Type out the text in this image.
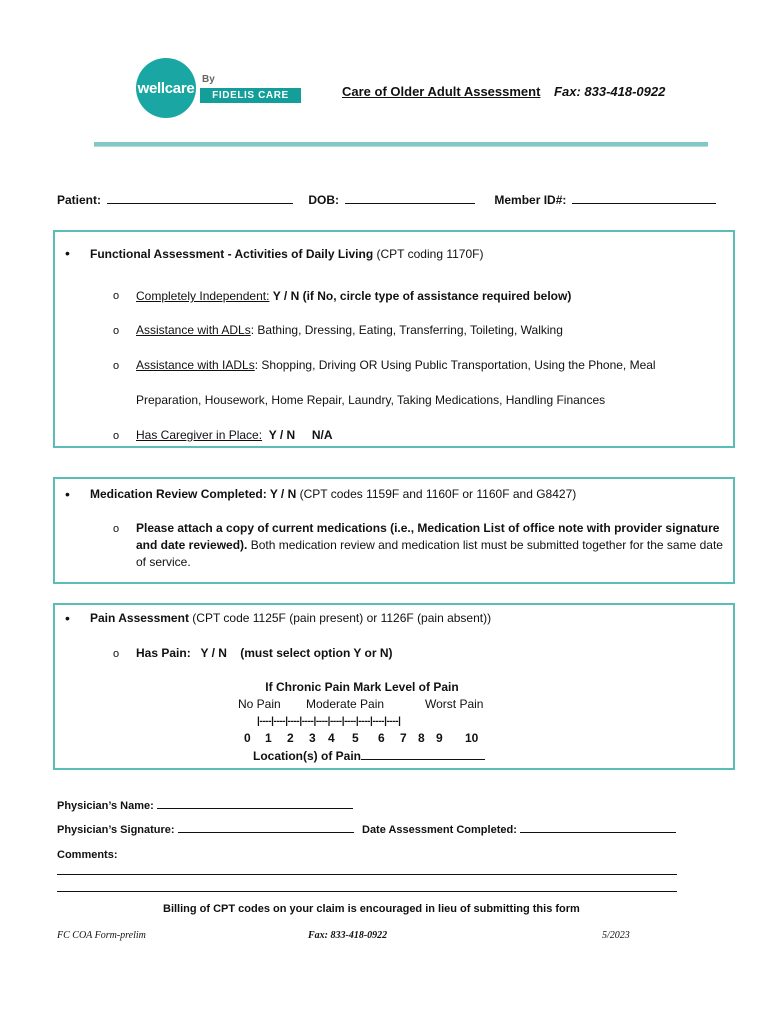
wellcare By
FIDELIS CARE	Care of Older Adult Assessment Fax: 833-418-0922
Patient:	DOB:	Member ID#:
• Functional Assessment - Activities of Daily Living (CPT coding 1170F)
o Completely Independent: Y / N (if No, circle type of assistance required below)
o Assistance with ADLs: Bathing, Dressing, Eating, Transferring, Toileting, Walking
o Assistance with IADLs: Shopping, Driving OR Using Public Transportation, Using the Phone, Meal
Preparation, Housework, Home Repair, Laundry, Taking Medications, Handling Finances
o Has Caregiver in Place: Y / N     N/A
• Medication Review Completed: Y / N (CPT codes 1159F and 1160F or 1160F and G8427)
o Please attach a copy of current medications (i.e., Medication List of office note with provider signature and date reviewed). Both medication review and medication list must be submitted together for the same date of service.
• Pain Assessment (CPT code 1125F (pain present) or 1126F (pain absent))
o Has Pain:   Y / N    (must select option Y or N)
If Chronic Pain Mark Level of Pain
No Pain Moderate Pain	Worst Pain
|----|----|----|----|----|----|----|----|----|----|
0 1 2 3 4 5 6 7 8 9 10
Location(s) of Pain
Physician’s Name:
Physician’s Signature:	Date Assessment Completed:
Comments:
Billing of CPT codes on your claim is encouraged in lieu of submitting this form
FC COA Form-prelim	Fax: 833-418-0922	5/2023
